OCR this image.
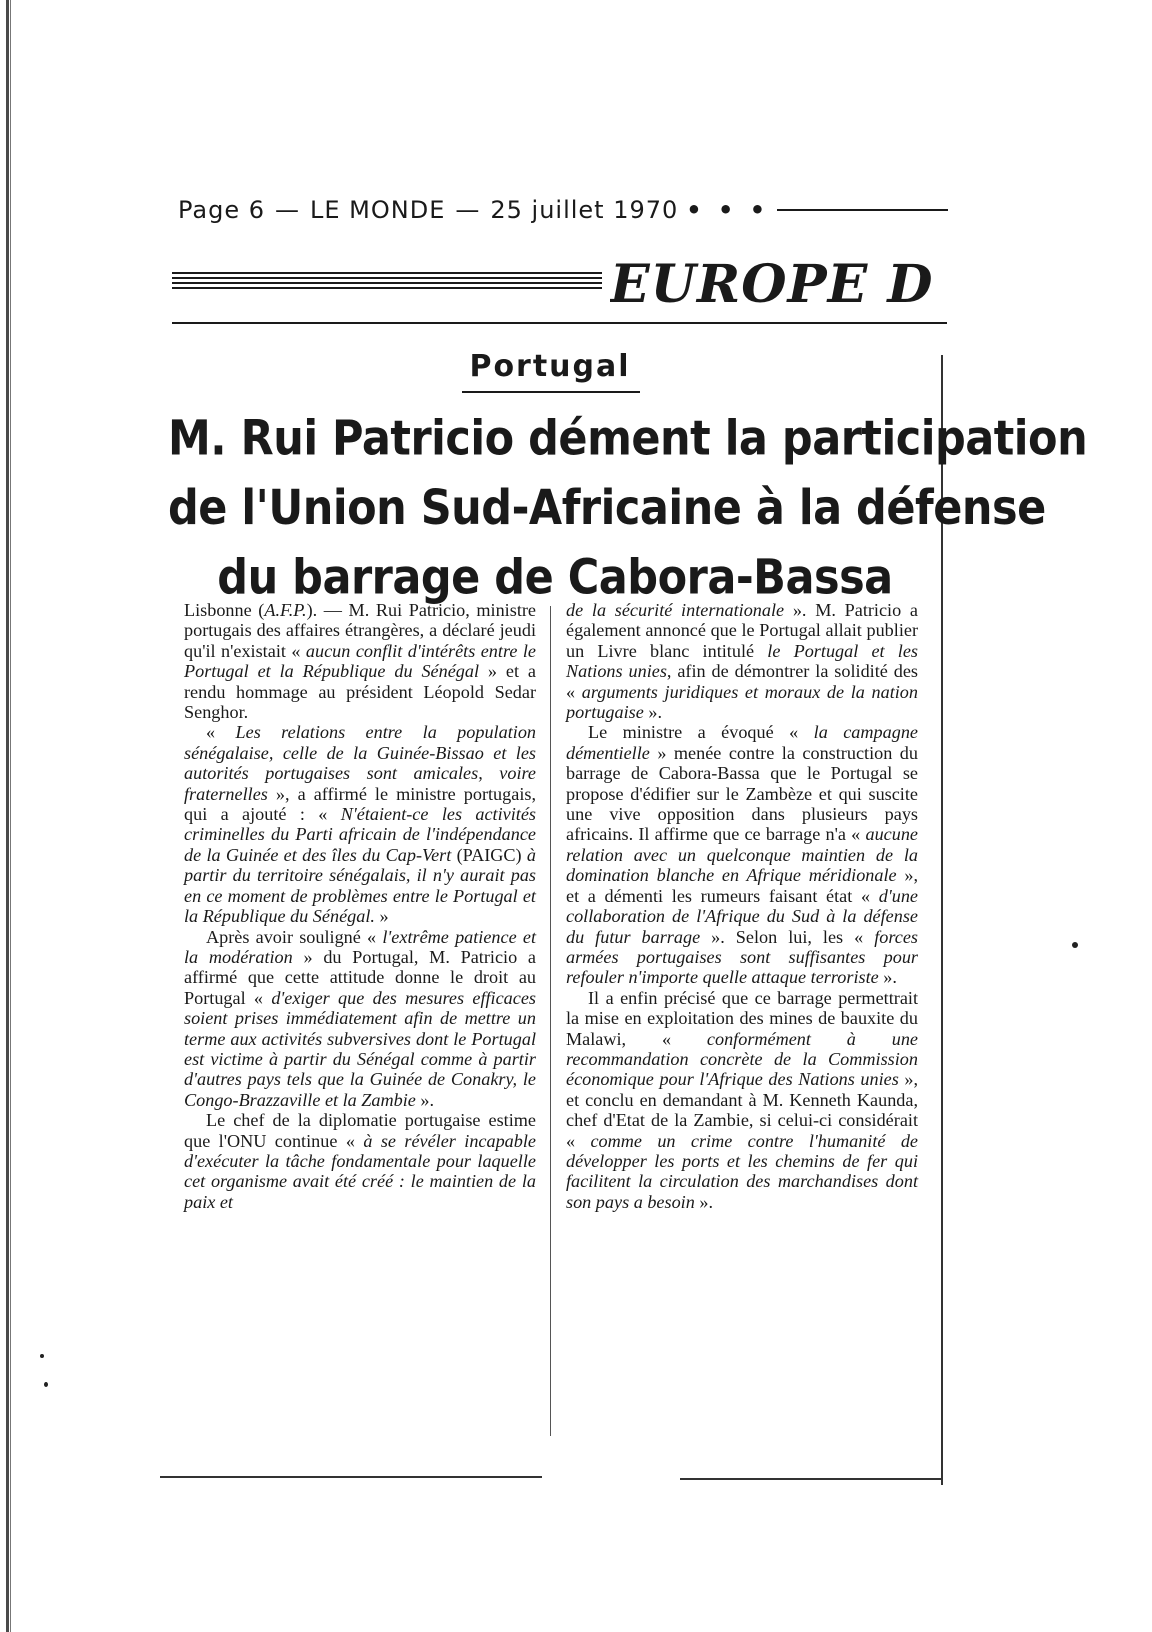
Page 6 — LE MONDE — 25 juillet 1970 • • •
EUROPE D
Portugal
M. Rui Patricio dément la participation
de l'Union Sud-Africaine à la défense
du barrage de Cabora-Bassa

Lisbonne (A.F.P.). — M. Rui Patricio, ministre portugais des affaires étrangères, a déclaré jeudi qu'il n'existait « aucun conflit d'intérêts entre le Portugal et la République du Sénégal » et a rendu hommage au président Léopold Sedar Senghor.

« Les relations entre la population sénégalaise, celle de la Guinée-Bissao et les autorités portugaises sont amicales, voire fraternelles », a affirmé le ministre portugais, qui a ajouté : « N'étaient-ce les activités criminelles du Parti africain de l'indépendance de la Guinée et des îles du Cap-Vert (PAIGC) à partir du territoire sénégalais, il n'y aurait pas en ce moment de problèmes entre le Portugal et la République du Sénégal. »

Après avoir souligné « l'extrême patience et la modération » du Portugal, M. Patricio a affirmé que cette attitude donne le droit au Portugal « d'exiger que des mesures efficaces soient prises immédiatement afin de mettre un terme aux activités subversives dont le Portugal est victime à partir du Sénégal comme à partir d'autres pays tels que la Guinée de Conakry, le Congo-Brazzaville et la Zambie ».

Le chef de la diplomatie portugaise estime que l'ONU continue « à se révéler incapable d'exécuter la tâche fondamentale pour laquelle cet organisme avait été créé : le maintien de la paix et

de la sécurité internationale ». M. Patricio a également annoncé que le Portugal allait publier un Livre blanc intitulé le Portugal et les Nations unies, afin de démontrer la solidité des « arguments juridiques et moraux de la nation portugaise ».

Le ministre a évoqué « la campagne démentielle » menée contre la construction du barrage de Cabora-Bassa que le Portugal se propose d'édifier sur le Zambèze et qui suscite une vive opposition dans plusieurs pays africains. Il affirme que ce barrage n'a « aucune relation avec un quelconque maintien de la domination blanche en Afrique méridionale », et a démenti les rumeurs faisant état « d'une collaboration de l'Afrique du Sud à la défense du futur barrage ». Selon lui, les « forces armées portugaises sont suffisantes pour refouler n'importe quelle attaque terroriste ».

Il a enfin précisé que ce barrage permettrait la mise en exploitation des mines de bauxite du Malawi, « conformément à une recommandation concrète de la Commission économique pour l'Afrique des Nations unies », et conclu en demandant à M. Kenneth Kaunda, chef d'Etat de la Zambie, si celui-ci considérait « comme un crime contre l'humanité de développer les ports et les chemins de fer qui facilitent la circulation des marchandises dont son pays a besoin ».
